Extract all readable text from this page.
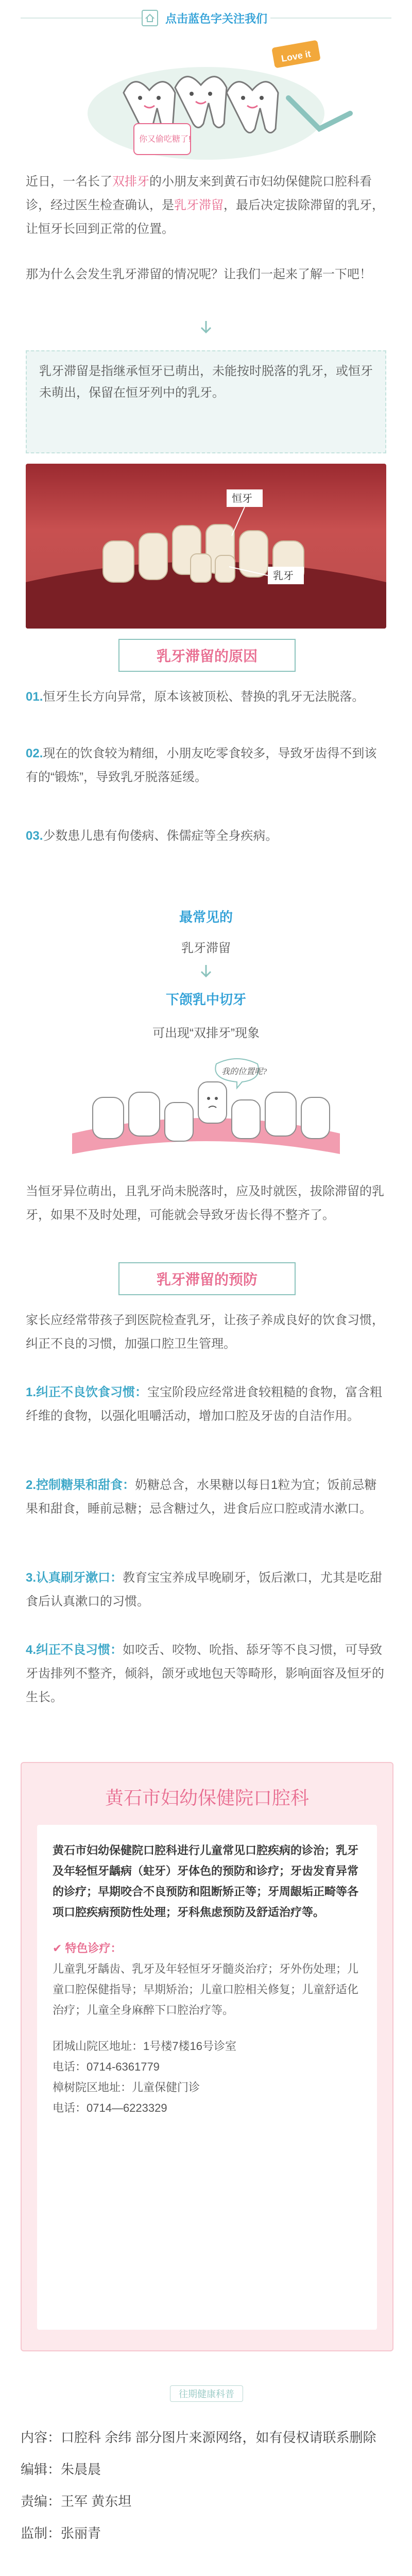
点击蓝色字关注我们
Love it
你又偷吃糖了!
近日，一名长了双排牙的小朋友来到黄石市妇幼保健院口腔科看诊，经过医生检查确认，是乳牙滞留，最后决定拔除滞留的乳牙，让恒牙长回到正常的位置。
那为什么会发生乳牙滞留的情况呢？让我们一起来了解一下吧！
乳牙滞留是指继承恒牙已萌出，未能按时脱落的乳牙，或恒牙未萌出，保留在恒牙列中的乳牙。
恒牙
乳牙
乳牙滞留的原因
01.恒牙生长方向异常，原本该被顶松、替换的乳牙无法脱落。
02.现在的饮食较为精细，小朋友吃零食较多，导致牙齿得不到该有的“锻炼”，导致乳牙脱落延缓。
03.少数患儿患有佝偻病、侏儒症等全身疾病。
最常见的
乳牙滞留
下颌乳中切牙
可出现“双排牙”现象
我的位置呢?
当恒牙异位萌出，且乳牙尚未脱落时，应及时就医，拔除滞留的乳牙，如果不及时处理，可能就会导致牙齿长得不整齐了。
乳牙滞留的预防
家长应经常带孩子到医院检查乳牙，让孩子养成良好的饮食习惯，纠正不良的习惯，加强口腔卫生管理。
1.纠正不良饮食习惯：宝宝阶段应经常进食较粗糙的食物，富含粗纤维的食物，以强化咀嚼活动，增加口腔及牙齿的自洁作用。
2.控制糖果和甜食：奶糖总含，水果糖以每日1粒为宜；饭前忌糖果和甜食，睡前忌糖；忌含糖过久，进食后应口腔或清水漱口。
3.认真刷牙漱口：教育宝宝养成早晚刷牙，饭后漱口，尤其是吃甜食后认真漱口的习惯。
4.纠正不良习惯：如咬舌、咬物、吮指、舔牙等不良习惯，可导致牙齿排列不整齐，倾斜，颌牙或地包天等畸形，影响面容及恒牙的生长。
黄石市妇幼保健院口腔科
黄石市妇幼保健院口腔科进行儿童常见口腔疾病的诊治；乳牙及年轻恒牙龋病（蛀牙）牙体色的预防和诊疗；牙齿发育异常的诊疗；早期咬合不良预防和阻断矫正等；牙周龈垢正畸等各项口腔疾病预防性处理；牙科焦虑预防及舒适治疗等。
✔ 特色诊疗：
儿童乳牙龋齿、乳牙及年轻恒牙牙髓炎治疗；牙外伤处理；儿童口腔保健指导；早期矫治；儿童口腔相关修复；儿童舒适化治疗；儿童全身麻醉下口腔治疗等。
团城山院区地址：1号楼7楼16号诊室
电话：0714-6361779
樟树院区地址：儿童保健门诊
电话：0714—6223329
往期健康科普
内容：口腔科 余纬 部分图片来源网络，如有侵权请联系删除
编辑：朱晨晨
责编：王军 黄东坦
监制：张丽青
